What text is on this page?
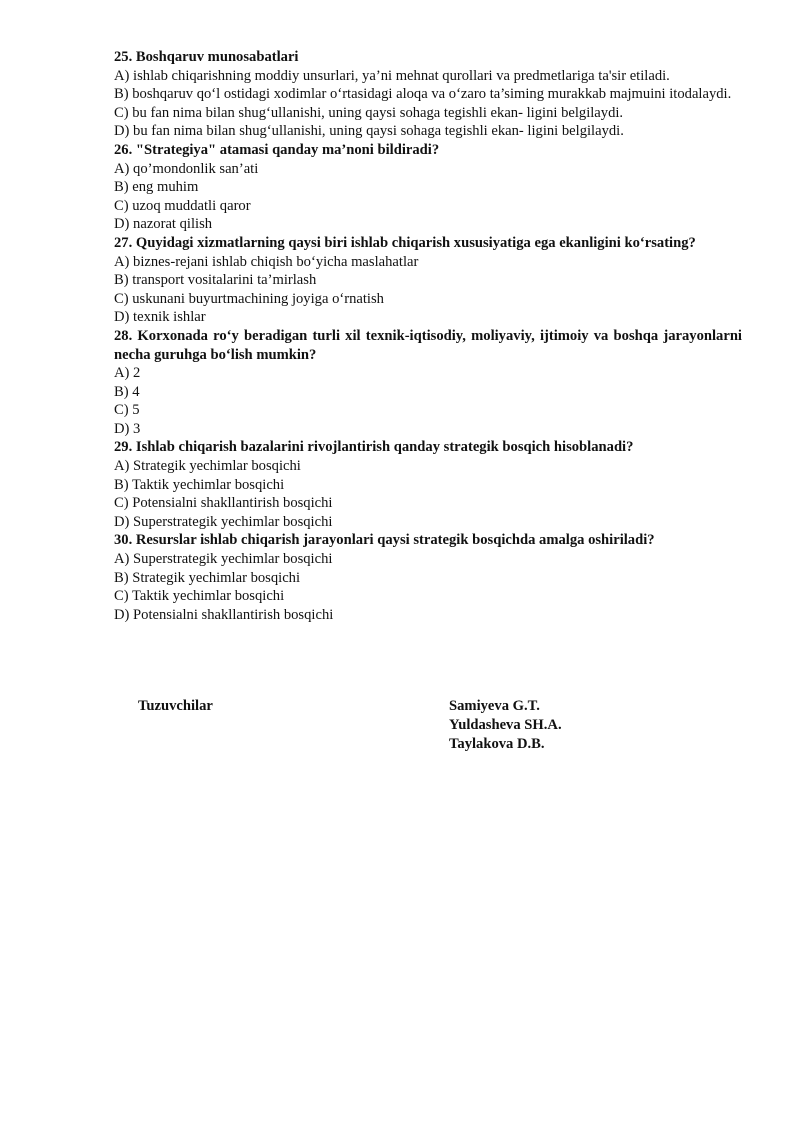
25. Boshqaruv munosabatlari
A) ishlab chiqarishning moddiy unsurlari, ya’ni mehnat qurollari va predmetlariga ta'sir etiladi.
B) boshqaruv qo‘l ostidagi xodimlar o‘rtasidagi aloqa va o‘zaro ta’siming murakkab majmuini itodalaydi.
C) bu fan nima bilan shug‘ullanishi, uning qaysi sohaga tegishli ekan- ligini belgilaydi.
D) bu fan nima bilan shug‘ullanishi, uning qaysi sohaga tegishli ekan- ligini belgilaydi.
26. "Strategiya" atamasi qanday ma’noni bildiradi?
A) qo’mondonlik san’ati
B) eng muhim
C) uzoq muddatli qaror
D) nazorat qilish
27. Quyidagi xizmatlarning qaysi biri ishlab chiqarish xususiyatiga ega ekanligini ko‘rsating?
A) biznes-rejani ishlab chiqish bo‘yicha maslahatlar
B) transport vositalarini ta’mirlash
C) uskunani buyurtmachining joyiga o‘rnatish
D) texnik ishlar
28. Korxonada ro‘y beradigan turli xil texnik-iqtisodiy, moliyaviy, ijtimoiy va boshqa jarayonlarni necha guruhga bo‘lish mumkin?
A) 2
B) 4
C) 5
D) 3
29. Ishlab chiqarish bazalarini rivojlantirish qanday strategik bosqich hisoblanadi?
A) Strategik yechimlar bosqichi
B) Taktik yechimlar bosqichi
C) Potensialni shakllantirish bosqichi
D) Superstrategik yechimlar bosqichi
30. Resurslar ishlab chiqarish jarayonlari qaysi strategik bosqichda amalga oshiriladi?
A) Superstrategik yechimlar bosqichi
B) Strategik yechimlar bosqichi
C) Taktik yechimlar bosqichi
D) Potensialni shakllantirish bosqichi
Tuzuvchilar	Samiyeva G.T.
Yuldasheva SH.A.
Taylakova D.B.
